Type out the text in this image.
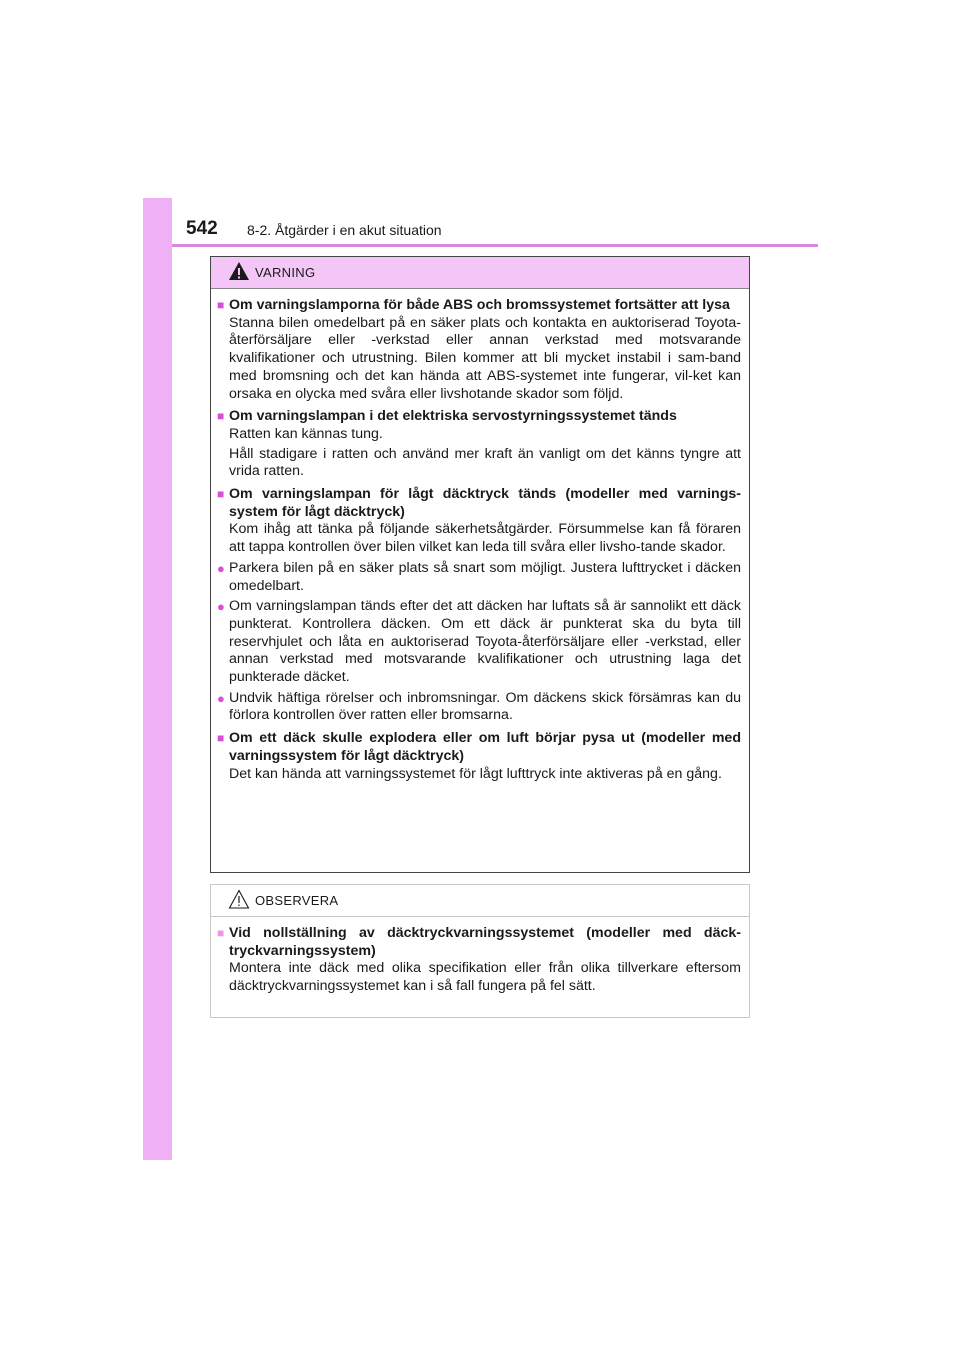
542 8-2. Åtgärder i en akut situation
VARNING
■ Om varningslamporna för både ABS och bromssystemet fortsätter att lysa

Stanna bilen omedelbart på en säker plats och kontakta en auktoriserad Toyota-återförsäljare eller -verkstad eller annan verkstad med motsvarande kvalifikationer och utrustning. Bilen kommer att bli mycket instabil i sam-band med bromsning och det kan hända att ABS-systemet inte fungerar, vil-ket kan orsaka en olycka med svåra eller livshotande skador som följd.

■ Om varningslampan i det elektriska servostyrningssystemet tänds

Ratten kan kännas tung.

Håll stadigare i ratten och använd mer kraft än vanligt om det känns tyngre att vrida ratten.

■ Om varningslampan för lågt däcktryck tänds (modeller med varnings-system för lågt däcktryck)

Kom ihåg att tänka på följande säkerhetsåtgärder. Försummelse kan få föraren att tappa kontrollen över bilen vilket kan leda till svåra eller livsho-tande skador.

● Parkera bilen på en säker plats så snart som möjligt. Justera lufttrycket i däcken omedelbart.
● Om varningslampan tänds efter det att däcken har luftats så är sannolikt ett däck punkterat. Kontrollera däcken. Om ett däck är punkterat ska du byta till reservhjulet och låta en auktoriserad Toyota-återförsäljare eller -verkstad, eller annan verkstad med motsvarande kvalifikationer och utrustning laga det punkterade däcket.
● Undvik häftiga rörelser och inbromsningar. Om däckens skick försämras kan du förlora kontrollen över ratten eller bromsarna.
■ Om ett däck skulle explodera eller om luft börjar pysa ut (modeller med varningssystem för lågt däcktryck)

Det kan hända att varningssystemet för lågt lufttryck inte aktiveras på en gång.

OBSERVERA
■ Vid nollställning av däcktryckvarningssystemet (modeller med däck-tryckvarningssystem)

Montera inte däck med olika specifikation eller från olika tillverkare eftersom däcktryckvarningssystemet kan i så fall fungera på fel sätt.
